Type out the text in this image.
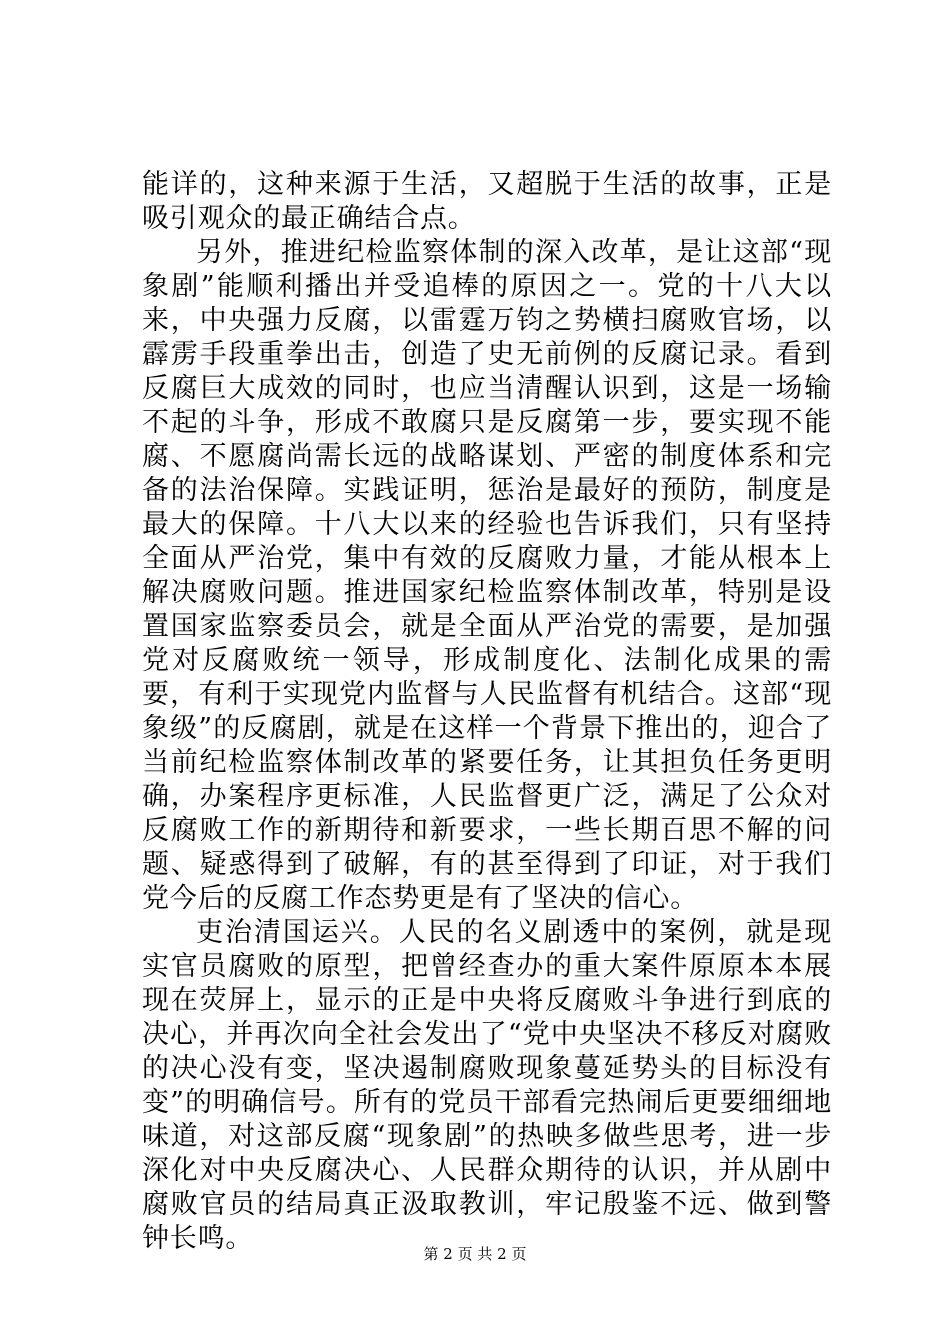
能详的，这种来源于生活，又超脱于生活的故事，正是吸引观众的最正确结合点。

另外，推进纪检监察体制的深入改革，是让这部“现象剧”能顺利播出并受追棒的原因之一。党的十八大以来，中央强力反腐，以雷霆万钧之势横扫腐败官场，以霹雳手段重拳出击，创造了史无前例的反腐记录。看到反腐巨大成效的同时，也应当清醒认识到，这是一场输不起的斗争，形成不敢腐只是反腐第一步，要实现不能腐、不愿腐尚需长远的战略谋划、严密的制度体系和完备的法治保障。实践证明，惩治是最好的预防，制度是最大的保障。十八大以来的经验也告诉我们，只有坚持全面从严治党，集中有效的反腐败力量，才能从根本上解决腐败问题。推进国家纪检监察体制改革，特别是设置国家监察委员会，就是全面从严治党的需要，是加强党对反腐败统一领导，形成制度化、法制化成果的需要，有利于实现党内监督与人民监督有机结合。这部“现象级”的反腐剧，就是在这样一个背景下推出的，迎合了当前纪检监察体制改革的紧要任务，让其担负任务更明确，办案程序更标准，人民监督更广泛，满足了公众对反腐败工作的新期待和新要求，一些长期百思不解的问题、疑惑得到了破解，有的甚至得到了印证，对于我们党今后的反腐工作态势更是有了坚决的信心。

吏治清国运兴。人民的名义剧透中的案例，就是现实官员腐败的原型，把曾经查办的重大案件原原本本展现在荧屏上，显示的正是中央将反腐败斗争进行到底的决心，并再次向全社会发出了“党中央坚决不移反对腐败的决心没有变，坚决遏制腐败现象蔓延势头的目标没有变”的明确信号。所有的党员干部看完热闹后更要细细地味道，对这部反腐“现象剧”的热映多做些思考，进一步深化对中央反腐决心、人民群众期待的认识，并从剧中腐败官员的结局真正汲取教训，牢记殷鉴不远、做到警钟长鸣。	第 2 页 共 2 页
